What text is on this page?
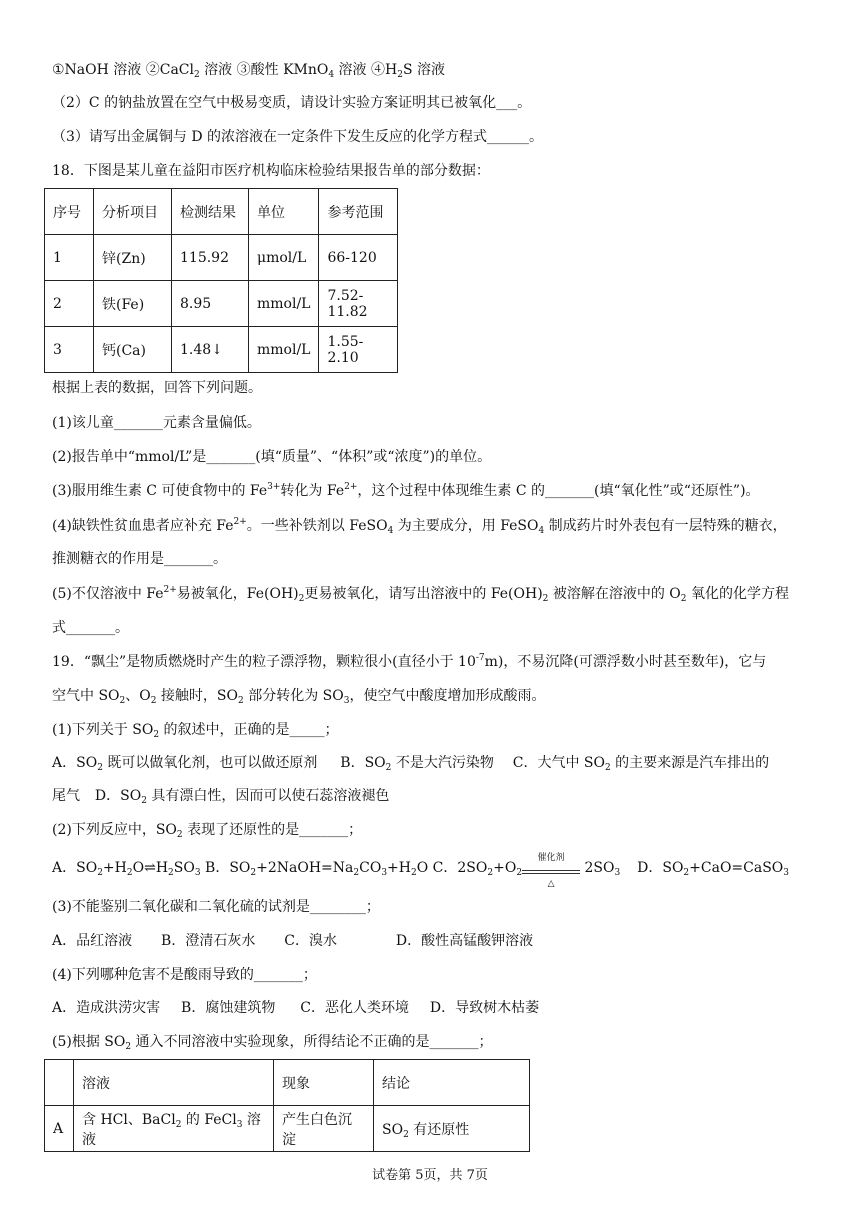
①NaOH 溶液 ②CaCl$_2$ 溶液 ③酸性 KMnO$_4$ 溶液 $④H_2S$ 溶液
（2）C 的钠盐放置在空气中极易变质，请设计实验方案证明其已被氧化___。
（3）请写出金属铜与 D 的浓溶液在一定条件下发生反应的化学方程式______。
18．下图是某儿童在益阳市医疗机构临床检验结果报告单的部分数据：
序号	分析项目	检测结果	单位	参考范围
1	锌(Zn)	115.92	μmol/L	66-120
2	铁(Fe)	8.95	mmol/L	7.52-11.82
3	钙(Ca)	1.48↓	mmol/L	1.55-2.10
根据上表的数据，回答下列问题。
(1)该儿童_______元素含量偏低。
(2)报告单中“mmol/L”是_______(填“质量”、“体积”或“浓度”)的单位。
(3)服用维生素 C 可使食物中的 $Fe^{3+}$转化为 $Fe^{2+}$，这个过程中体现维生素 C 的_______(填“氧化性”或“还原性”)。
(4)缺铁性贫血患者应补充 $Fe^{2+}$。一些补铁剂以 FeSO$_4$ 为主要成分，用 FeSO$_4$ 制成药片时外表包有一层特殊的糖衣，
推测糖衣的作用是_______。
(5)不仅溶液中 $Fe^{2+}$易被氧化，$Fe(OH)_2$更易被氧化，请写出溶液中的 $Fe(OH)_2$ 被溶解在溶液中的 $O_2$ 氧化的化学方程
式_______。
19．“飘尘”是物质燃烧时产生的粒子漂浮物，颗粒很小(直径小于 $10^{-7}m$)，不易沉降(可漂浮数小时甚至数年)，它与
空气中 $SO_2$、$O_2$ 接触时，$SO_2$ 部分转化为 $SO_3$，使空气中酸度增加形成酸雨。
(1)下列关于 $SO_2$ 的叙述中，正确的是_____；
A．$SO_2$ 既可以做氧化剂，也可以做还原剂 B．$SO_2$ 不是大汽污染物 C．大气中 $SO_2$ 的主要来源是汽车排出的
尾气 D．$SO_2$ 具有漂白性，因而可以使石蕊溶液褪色
(2)下列反应中，$SO_2$ 表现了还原性的是_______；
A．$SO_2+H_2O\rightleftharpoons H_2SO_3$ B．$SO_2+2NaOH=Na_2CO_3+H_2O$ C．$2SO_2+O_2$
催化剂
△
$2SO_3$ D．$SO_2+CaO=CaSO_3$
(3)不能鉴别二氧化碳和二氧化硫的试剂是________；
A．品红溶液 B．澄清石灰水 C．溴水	D．酸性高锰酸钾溶液
(4)下列哪种危害不是酸雨导致的_______；
A．造成洪涝灾害 B．腐蚀建筑物 C．恶化人类环境 D．导致树木枯萎
(5)根据 $SO_2$ 通入不同溶液中实验现象，所得结论不正确的是_______；
	溶液	现象	结论
A	含 HCl、BaCl$_2$ 的 FeCl$_3$ 溶液	产生白色沉淀	$SO_2$ 有还原性
试卷第 5页，共 7页
